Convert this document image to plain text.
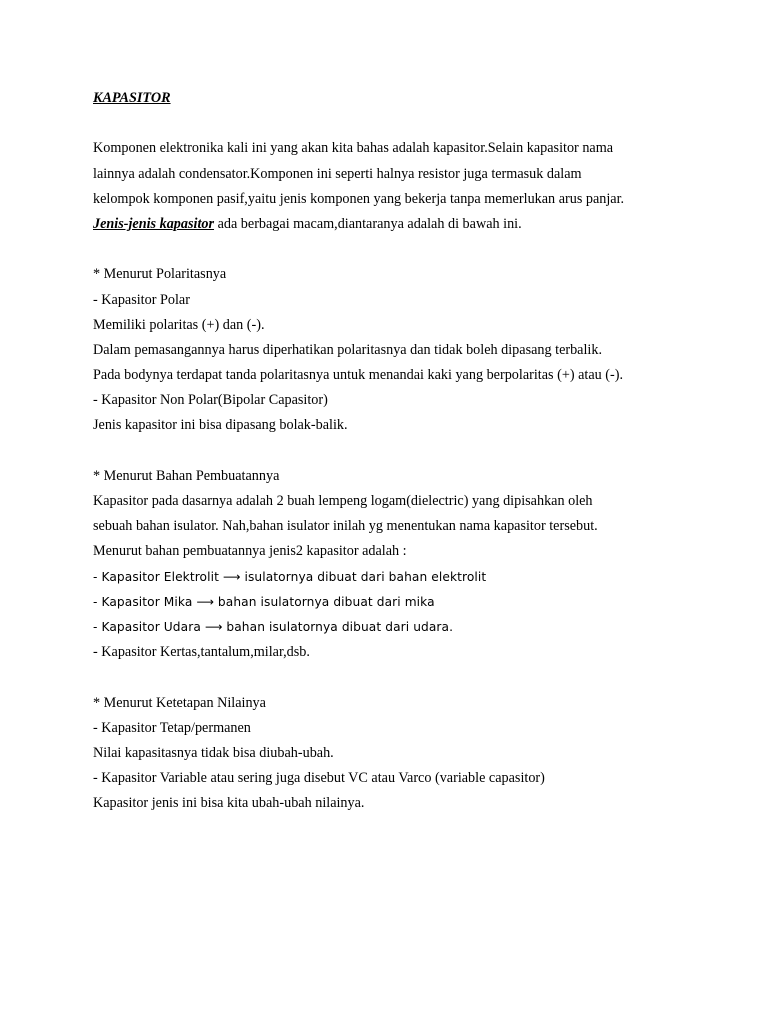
KAPASITOR
Komponen elektronika kali ini yang akan kita bahas adalah kapasitor.Selain kapasitor nama
lainnya adalah condensator.Komponen ini seperti halnya resistor juga termasuk dalam
kelompok komponen pasif,yaitu jenis komponen yang bekerja tanpa memerlukan arus panjar.
Jenis-jenis kapasitor ada berbagai macam,diantaranya adalah di bawah ini.
* Menurut Polaritasnya
- Kapasitor Polar
Memiliki polaritas (+) dan (-).
Dalam pemasangannya harus diperhatikan polaritasnya dan tidak boleh dipasang terbalik.
Pada bodynya terdapat tanda polaritasnya untuk menandai kaki yang berpolaritas (+) atau (-).
- Kapasitor Non Polar(Bipolar Capasitor)
Jenis kapasitor ini bisa dipasang bolak-balik.
* Menurut Bahan Pembuatannya
Kapasitor pada dasarnya adalah 2 buah lempeng logam(dielectric) yang dipisahkan oleh
sebuah bahan isulator. Nah,bahan isulator inilah yg menentukan nama kapasitor tersebut.
Menurut bahan pembuatannya jenis2 kapasitor adalah :
- Kapasitor Elektrolit ⟶ isulatornya dibuat dari bahan elektrolit
- Kapasitor Mika ⟶ bahan isulatornya dibuat dari mika
- Kapasitor Udara ⟶ bahan isulatornya dibuat dari udara.
- Kapasitor Kertas,tantalum,milar,dsb.
* Menurut Ketetapan Nilainya
- Kapasitor Tetap/permanen
Nilai kapasitasnya tidak bisa diubah-ubah.
- Kapasitor Variable atau sering juga disebut VC atau Varco (variable capasitor)
Kapasitor jenis ini bisa kita ubah-ubah nilainya.
